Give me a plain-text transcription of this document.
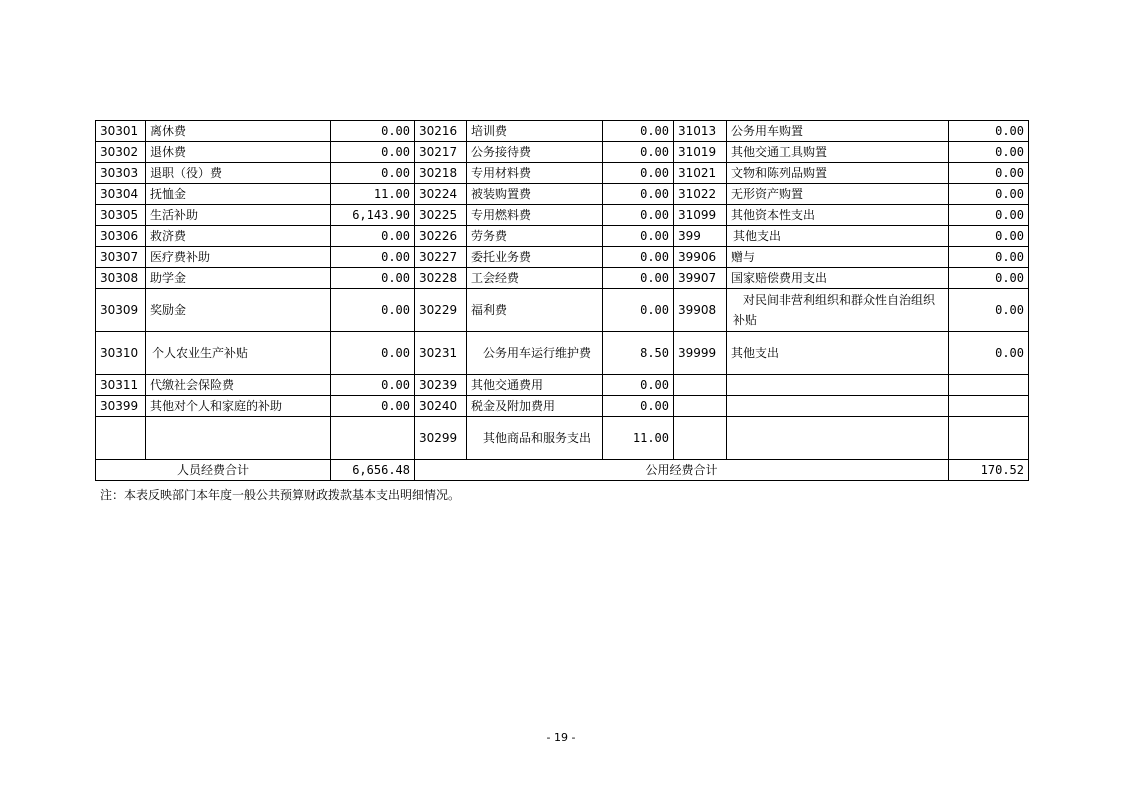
30301	离休费	0.00	30216	培训费	0.00	31013	公务用车购置	0.00
30302	退休费	0.00	30217	公务接待费	0.00	31019	其他交通工具购置	0.00
30303	退职（役）费	0.00	30218	专用材料费	0.00	31021	文物和陈列品购置	0.00
30304	抚恤金	11.00	30224	被装购置费	0.00	31022	无形资产购置	0.00
30305	生活补助	6,143.90	30225	专用燃料费	0.00	31099	其他资本性支出	0.00
30306	救济费	0.00	30226	劳务费	0.00	399	其他支出	0.00
30307	医疗费补助	0.00	30227	委托业务费	0.00	39906	赠与	0.00
30308	助学金	0.00	30228	工会经费	0.00	39907	国家赔偿费用支出	0.00
30309	奖励金	0.00	30229	福利费	0.00	39908	对民间非营利组织和群众性自治组织补贴	0.00
30310	个人农业生产补贴	0.00	30231	公务用车运行维护费	8.50	39999	其他支出	0.00
30311	代缴社会保险费	0.00	30239	其他交通费用	0.00			
30399	其他对个人和家庭的补助	0.00	30240	税金及附加费用	0.00			
			30299	其他商品和服务支出	11.00			
人员经费合计		6,656.48	公用经费合计					170.52
注：本表反映部门本年度一般公共预算财政拨款基本支出明细情况。
- 19 -
